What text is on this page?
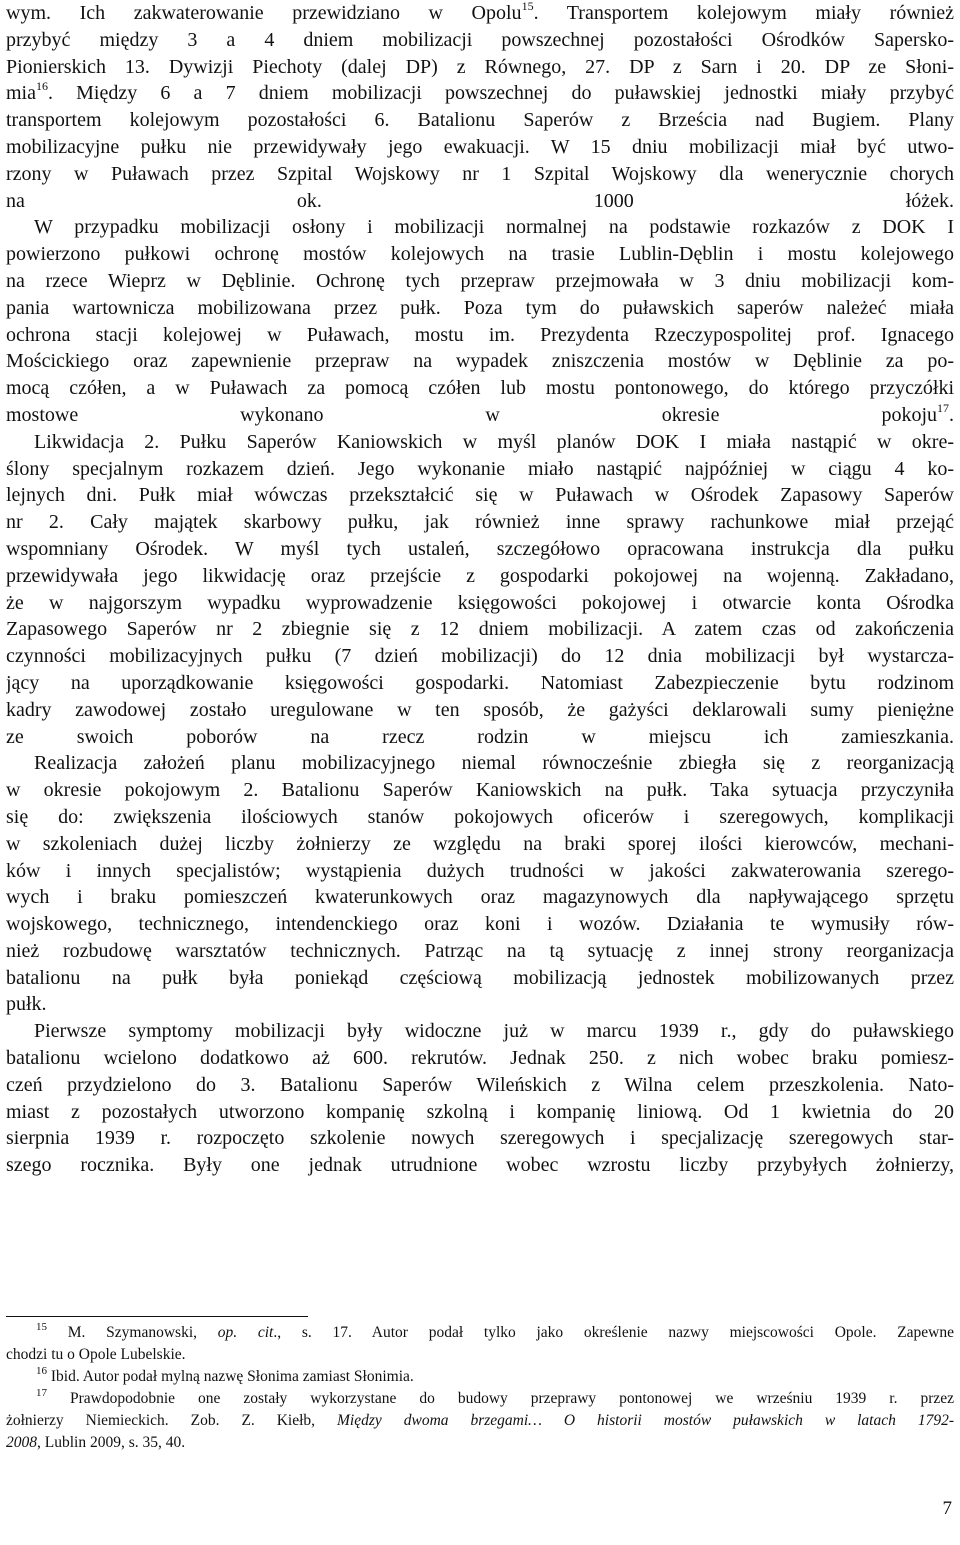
wym. Ich zakwaterowanie przewidziano w Opolu$^{15}$. Transportem kolejowym miały również
przybyć między 3 a 4 dniem mobilizacji powszechnej pozostałości Ośrodków Sapersko-
Pionierskich 13. Dywizji Piechoty (dalej DP) z Równego, 27. DP z Sarn i 20. DP ze Słoni-
mia$^{16}$. Między 6 a 7 dniem mobilizacji powszechnej do puławskiej jednostki miały przybyć
transportem kolejowym pozostałości 6. Batalionu Saperów z Brześcia nad Bugiem. Plany
mobilizacyjne pułku nie przewidywały jego ewakuacji. W 15 dniu mobilizacji miał być utwo-
rzony w Puławach przez Szpital Wojskowy nr 1 Szpital Wojskowy dla wenerycznie chorych
na ok. 1000 łóżek.
W przypadku mobilizacji osłony i mobilizacji normalnej na podstawie rozkazów z DOK I
powierzono pułkowi ochronę mostów kolejowych na trasie Lublin-Dęblin i mostu kolejowego
na rzece Wieprz w Dęblinie. Ochronę tych przepraw przejmowała w 3 dniu mobilizacji kom-
pania wartownicza mobilizowana przez pułk. Poza tym do puławskich saperów należeć miała
ochrona stacji kolejowej w Puławach, mostu im. Prezydenta Rzeczypospolitej prof. Ignacego
Mościckiego oraz zapewnienie przepraw na wypadek zniszczenia mostów w Dęblinie za po-
mocą czółen, a w Puławach za pomocą czółen lub mostu pontonowego, do którego przyczółki
mostowe wykonano w okresie pokoju$^{17}$.
Likwidacja 2. Pułku Saperów Kaniowskich w myśl planów DOK I miała nastąpić w okre-
ślony specjalnym rozkazem dzień. Jego wykonanie miało nastąpić najpóźniej w ciągu 4 ko-
lejnych dni. Pułk miał wówczas przekształcić się w Puławach w Ośrodek Zapasowy Saperów
nr 2. Cały majątek skarbowy pułku, jak również inne sprawy rachunkowe miał przejąć
wspomniany Ośrodek. W myśl tych ustaleń, szczegółowo opracowana instrukcja dla pułku
przewidywała jego likwidację oraz przejście z gospodarki pokojowej na wojenną. Zakładano,
że w najgorszym wypadku wyprowadzenie księgowości pokojowej i otwarcie konta Ośrodka
Zapasowego Saperów nr 2 zbiegnie się z 12 dniem mobilizacji. A zatem czas od zakończenia
czynności mobilizacyjnych pułku (7 dzień mobilizacji) do 12 dnia mobilizacji był wystarcza-
jący na uporządkowanie księgowości gospodarki. Natomiast Zabezpieczenie bytu rodzinom
kadry zawodowej zostało uregulowane w ten sposób, że gażyści deklarowali sumy pieniężne
ze swoich poborów na rzecz rodzin w miejscu ich zamieszkania.
Realizacja założeń planu mobilizacyjnego niemal równocześnie zbiegła się z reorganizacją
w okresie pokojowym 2. Batalionu Saperów Kaniowskich na pułk. Taka sytuacja przyczyniła
się do: zwiększenia ilościowych stanów pokojowych oficerów i szeregowych, komplikacji
w szkoleniach dużej liczby żołnierzy ze względu na braki sporej ilości kierowców, mechani-
ków i innych specjalistów; wystąpienia dużych trudności w jakości zakwaterowania szerego-
wych i braku pomieszczeń kwaterunkowych oraz magazynowych dla napływającego sprzętu
wojskowego, technicznego, intendenckiego oraz koni i wozów. Działania te wymusiły rów-
nież rozbudowę warsztatów technicznych. Patrząc na tą sytuację z innej strony reorganizacja
batalionu na pułk była poniekąd częściową mobilizacją jednostek mobilizowanych przez
pułk.
Pierwsze symptomy mobilizacji były widoczne już w marcu 1939 r., gdy do puławskiego
batalionu wcielono dodatkowo aż 600. rekrutów. Jednak 250. z nich wobec braku pomiesz-
czeń przydzielono do 3. Batalionu Saperów Wileńskich z Wilna celem przeszkolenia. Nato-
miast z pozostałych utworzono kompanię szkolną i kompanię liniową. Od 1 kwietnia do 20
sierpnia 1939 r. rozpoczęto szkolenie nowych szeregowych i specjalizację szeregowych star-
szego rocznika. Były one jednak utrudnione wobec wzrostu liczby przybyłych żołnierzy,
$^{15}$ M. Szymanowski, op. cit., s. 17. Autor podał tylko jako określenie nazwy miejscowości Opole. Zapewne
chodzi tu o Opole Lubelskie.
$^{16}$ Ibid. Autor podał mylną nazwę Słonima zamiast Słonimia.
$^{17}$ Prawdopodobnie one zostały wykorzystane do budowy przeprawy pontonowej we wrześniu 1939 r. przez
żołnierzy Niemieckich. Zob. Z. Kiełb, Między dwoma brzegami… O historii mostów puławskich w latach 1792-
2008, Lublin 2009, s. 35, 40.
7
